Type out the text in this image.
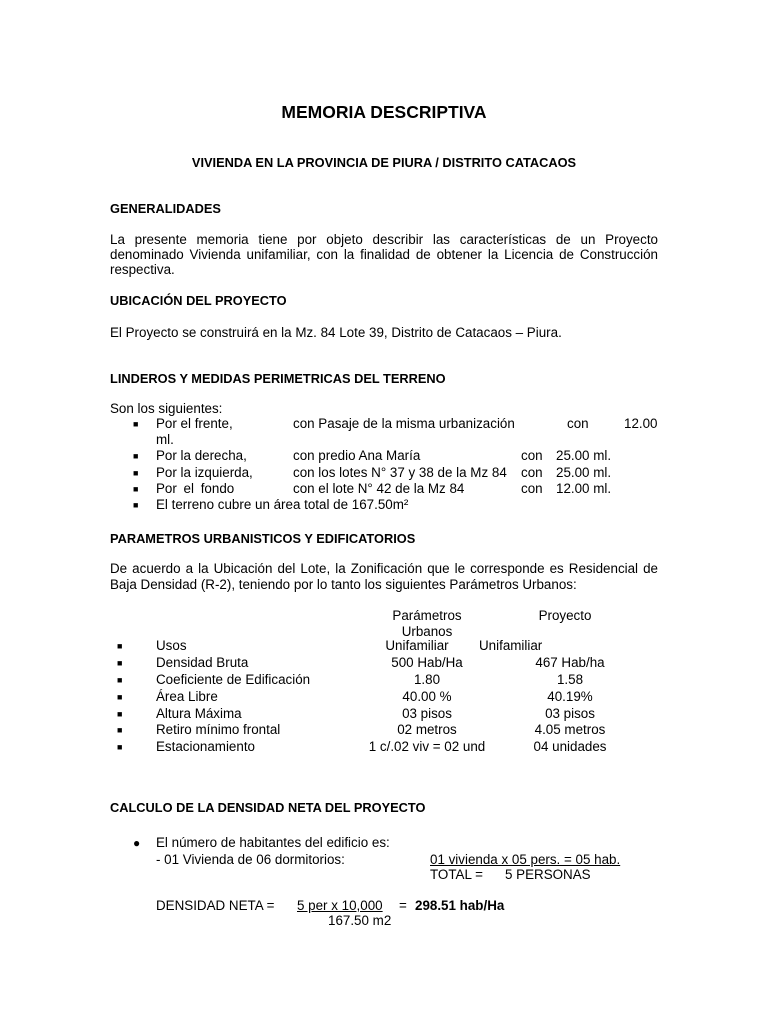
MEMORIA DESCRIPTIVA
VIVIENDA EN LA PROVINCIA DE PIURA / DISTRITO CATACAOS
GENERALIDADES

La presente memoria tiene por objeto describir las características de un Proyecto denominado Vivienda unifamiliar, con la finalidad de obtener la Licencia de Construcción respectiva.

UBICACIÓN DEL PROYECTO
El Proyecto se construirá en la Mz. 84 Lote 39, Distrito de Catacaos – Piura.
LINDEROS Y MEDIDAS PERIMETRICAS DEL TERRENO
Son los siguientes:
■ Por el frente,	con Pasaje de la misma urbanización	con	12.00
ml.
■ Por la derecha,	con predio Ana María	con 25.00 ml.
■ Por la izquierda,	con los lotes N° 37 y 38 de la Mz 84 con 25.00 ml.
■ Por el fondo	con el lote N° 42 de la Mz 84	con 12.00 ml.
■ El terreno cubre un área total de 167.50m²
PARAMETROS URBANISTICOS Y EDIFICATORIOS

De acuerdo a la Ubicación del Lote, la Zonificación que le corresponde es Residencial de Baja Densidad (R-2), teniendo por lo tanto los siguientes Parámetros Urbanos:

Parámetros
Urbanos
Proyecto
■	Usos	Unifamiliar	Unifamiliar
■	Densidad Bruta	500 Hab/Ha	467 Hab/ha
■	Coeficiente de Edificación	1.80	1.58
■	Área Libre	40.00 %	40.19%
■	Altura Máxima	03 pisos	03 pisos
■	Retiro mínimo frontal	02 metros	4.05 metros
■	Estacionamiento	1 c/.02 viv = 02 und	04 unidades
CALCULO DE LA DENSIDAD NETA DEL PROYECTO
● El número de habitantes del edificio es:
- 01 Vivienda de 06 dormitorios:	01 vivienda x 05 pers. = 05 hab.
TOTAL = 5 PERSONAS
DENSIDAD NETA = 5 per x 10,000 = 298.51 hab/Ha
167.50 m2
